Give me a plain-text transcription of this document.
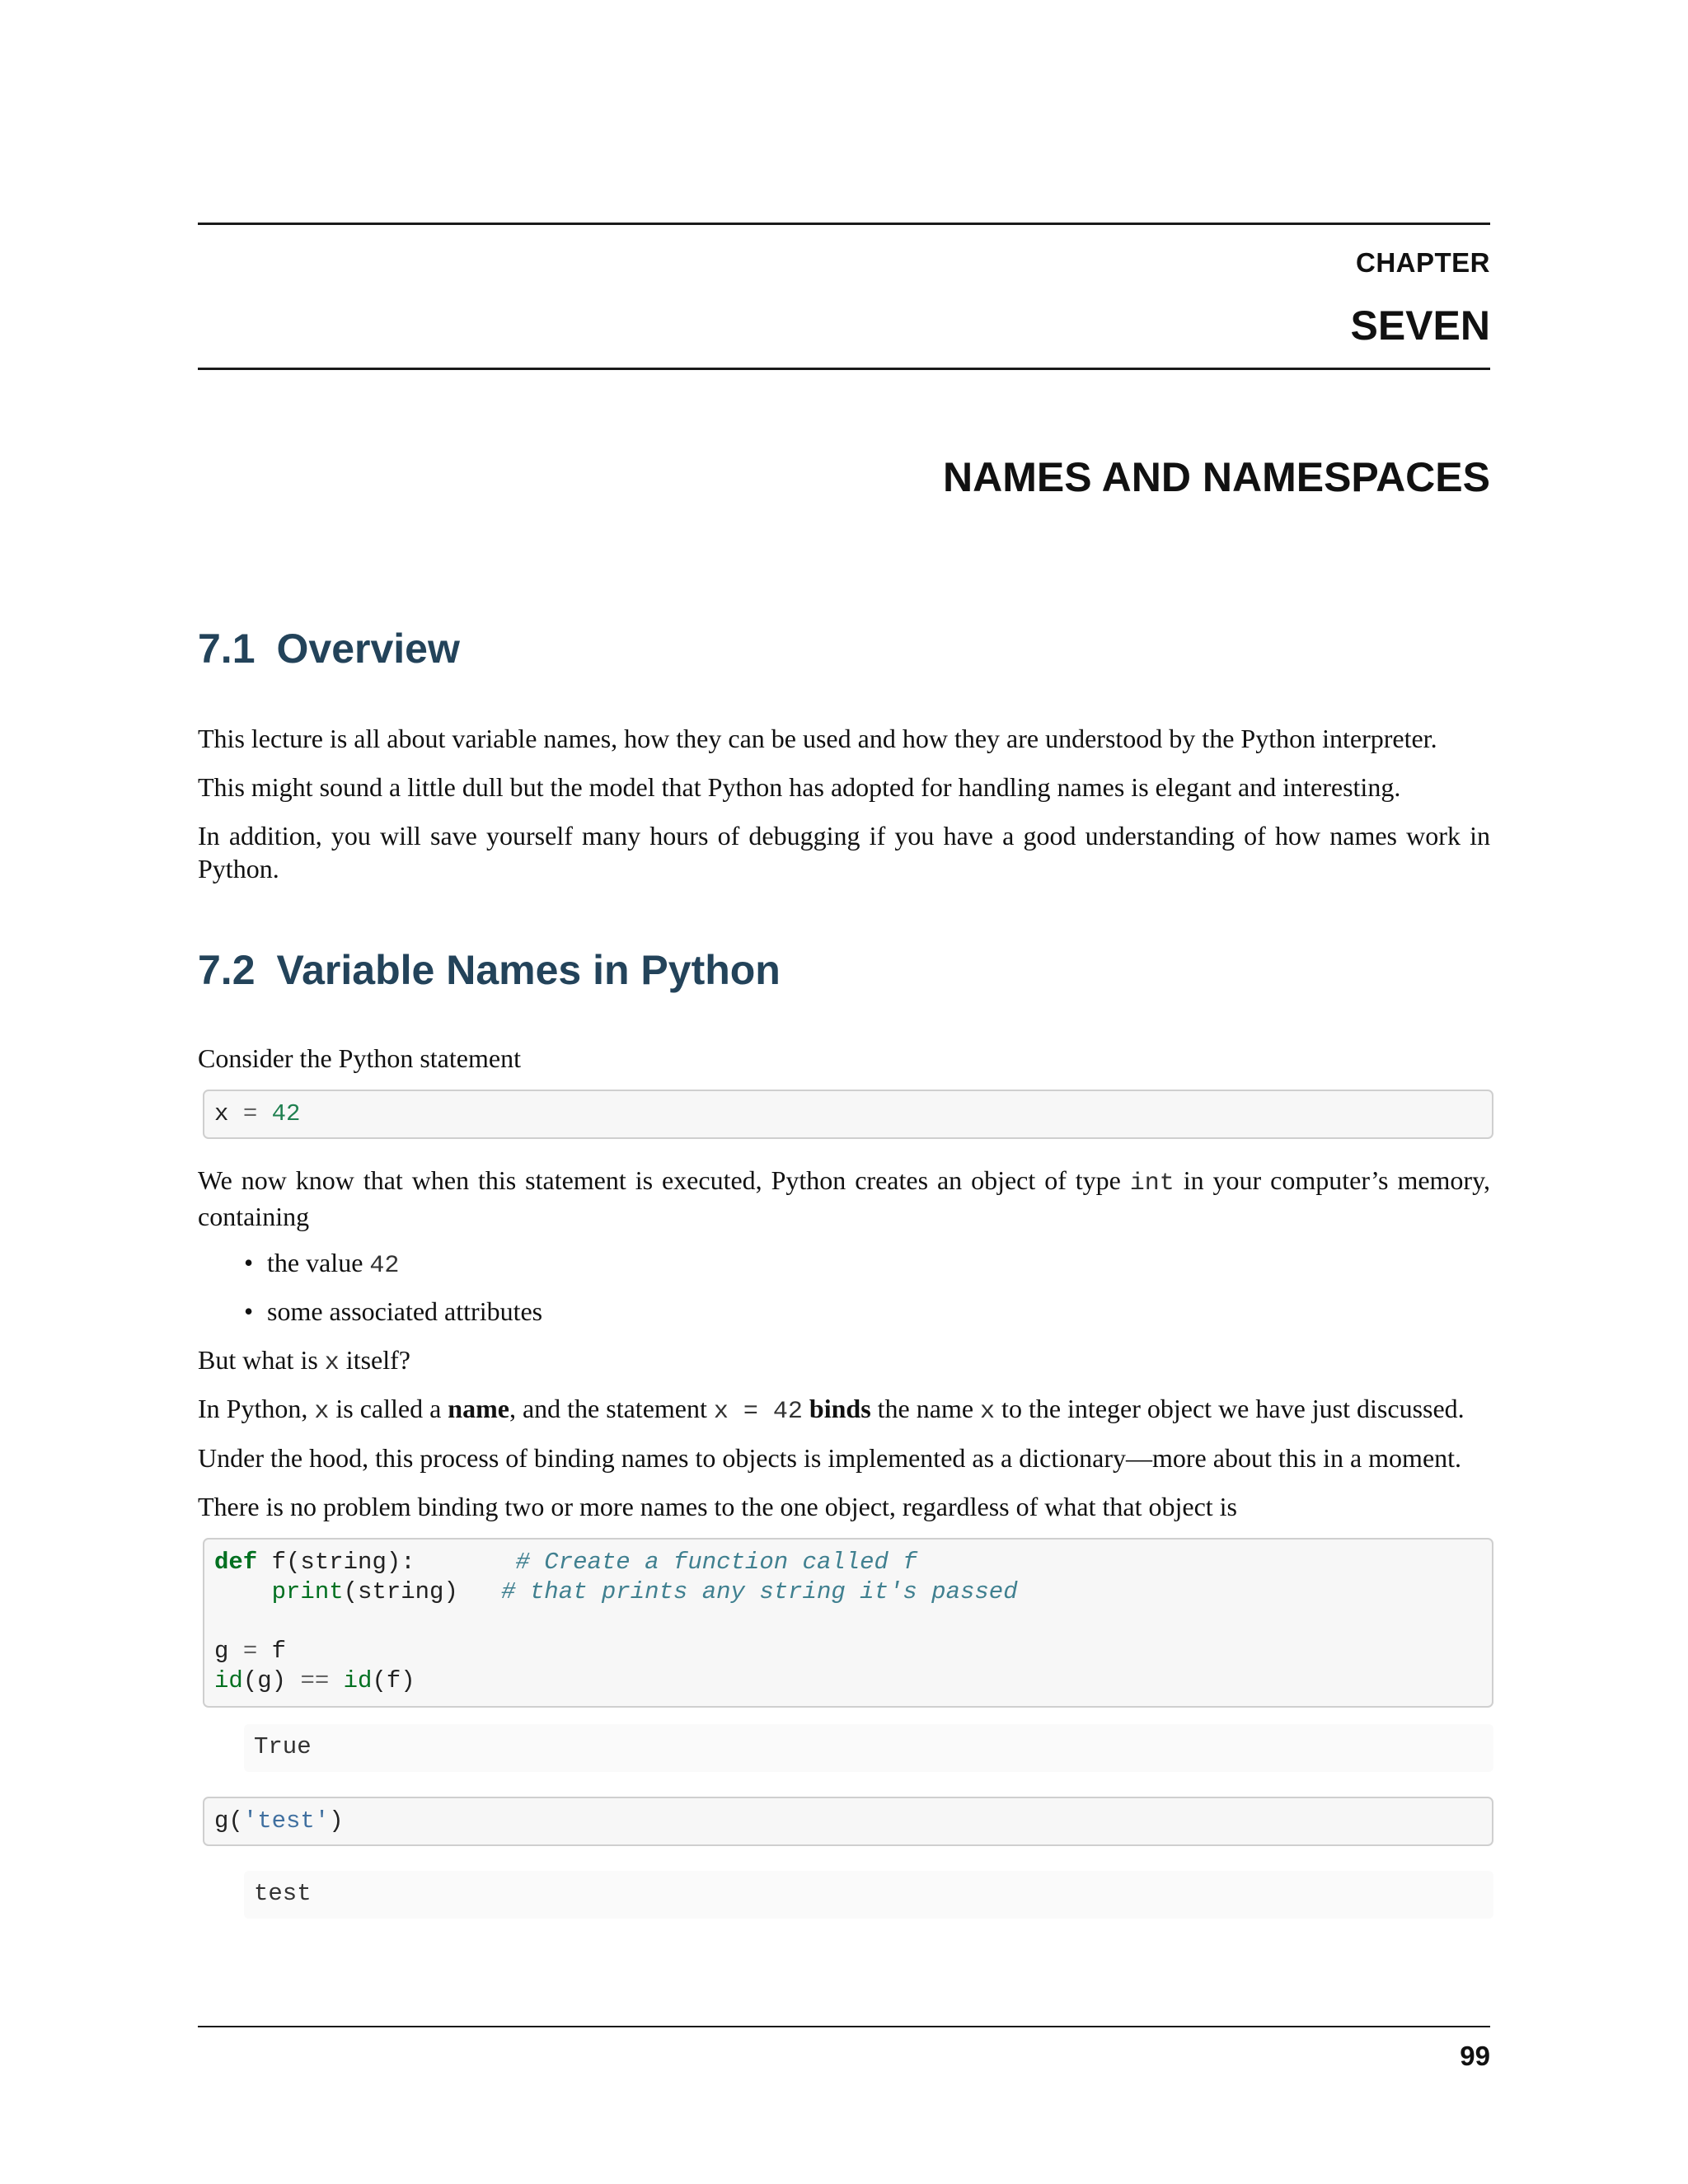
CHAPTER
SEVEN
NAMES AND NAMESPACES
7.1 Overview

This lecture is all about variable names, how they can be used and how they are understood by the Python interpreter.

This might sound a little dull but the model that Python has adopted for handling names is elegant and interesting.

In addition, you will save yourself many hours of debugging if you have a good understanding of how names work in Python.

7.2 Variable Names in Python

Consider the Python statement

x = 42

We now know that when this statement is executed, Python creates an object of type int in your computer’s memory, containing

• the value 42
• some associated attributes

But what is x itself?

In Python, x is called a name, and the statement x = 42 binds the name x to the integer object we have just discussed.

Under the hood, this process of binding names to objects is implemented as a dictionary—more about this in a moment.

There is no problem binding two or more names to the one object, regardless of what that object is

def f(string):	# Create a function called f
print(string) # that prints any string it's passed

g = f
id(g) == id(f)
True
g('test')
test
99
